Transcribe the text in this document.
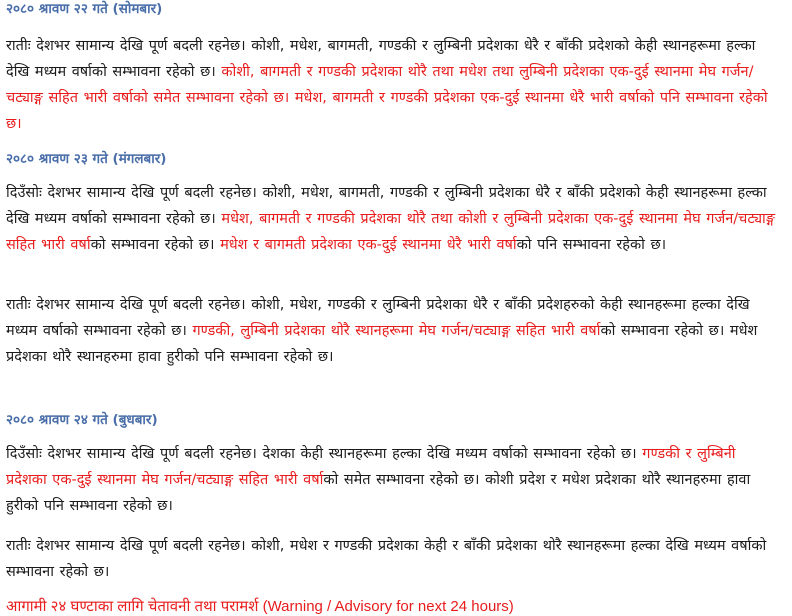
२०८० श्रावण २२ गते (सोमबार)

रातीः देशभर सामान्य देखि पूर्ण बदली रहनेछ। कोशी, मधेश, बागमती, गण्डकी र लुम्बिनी प्रदेशका धेरै र बाँकी प्रदेशको केही स्थानहरूमा हल्का देखि मध्यम वर्षाको सम्भावना रहेको छ। कोशी, बागमती र गण्डकी प्रदेशका थोरै तथा मधेश तथा लुम्बिनी प्रदेशका एक-दुई स्थानमा मेघ गर्जन/चट्याङ्ग सहित भारी वर्षाको समेत सम्भावना रहेको छ। मधेश, बागमती र गण्डकी प्रदेशका एक-दुई स्थानमा धेरै भारी वर्षाको पनि सम्भावना रहेको छ।

२०८० श्रावण २३ गते (मंगलबार)

दिउँसोः देशभर सामान्य देखि पूर्ण बदली रहनेछ। कोशी, मधेश, बागमती, गण्डकी र लुम्बिनी प्रदेशका धेरै र बाँकी प्रदेशको केही स्थानहरूमा हल्का देखि मध्यम वर्षाको सम्भावना रहेको छ। मधेश, बागमती र गण्डकी प्रदेशका थोरै तथा कोशी र लुम्बिनी प्रदेशका एक-दुई स्थानमा मेघ गर्जन/चट्याङ्ग सहित भारी वर्षाको सम्भावना रहेको छ। मधेश र बागमती प्रदेशका एक-दुई स्थानमा धेरै भारी वर्षाको पनि सम्भावना रहेको छ।

रातीः देशभर सामान्य देखि पूर्ण बदली रहनेछ। कोशी, मधेश, गण्डकी र लुम्बिनी प्रदेशका धेरै र बाँकी प्रदेशहरुको केही स्थानहरूमा हल्का देखि मध्यम वर्षाको सम्भावना रहेको छ। गण्डकी, लुम्बिनी प्रदेशका थोरै स्थानहरूमा मेघ गर्जन/चट्याङ्ग सहित भारी वर्षाको सम्भावना रहेको छ। मधेश प्रदेशका थोरै स्थानहरुमा हावा हुरीको पनि सम्भावना रहेको छ।

२०८० श्रावण २४ गते (बुधबार)

दिउँसोः देशभर सामान्य देखि पूर्ण बदली रहनेछ। देशका केही स्थानहरूमा हल्का देखि मध्यम वर्षाको सम्भावना रहेको छ। गण्डकी र लुम्बिनी प्रदेशका एक-दुई स्थानमा मेघ गर्जन/चट्याङ्ग सहित भारी वर्षाको समेत सम्भावना रहेको छ। कोशी प्रदेश र मधेश प्रदेशका थोरै स्थानहरुमा हावा हुरीको पनि सम्भावना रहेको छ।

रातीः देशभर सामान्य देखि पूर्ण बदली रहनेछ। कोशी, मधेश र गण्डकी प्रदेशका केही र बाँकी प्रदेशका थोरै स्थानहरूमा हल्का देखि मध्यम वर्षाको सम्भावना रहेको छ।

आगामी २४ घण्टाका लागि चेतावनी तथा परामर्श (Warning / Advisory for next 24 hours)
